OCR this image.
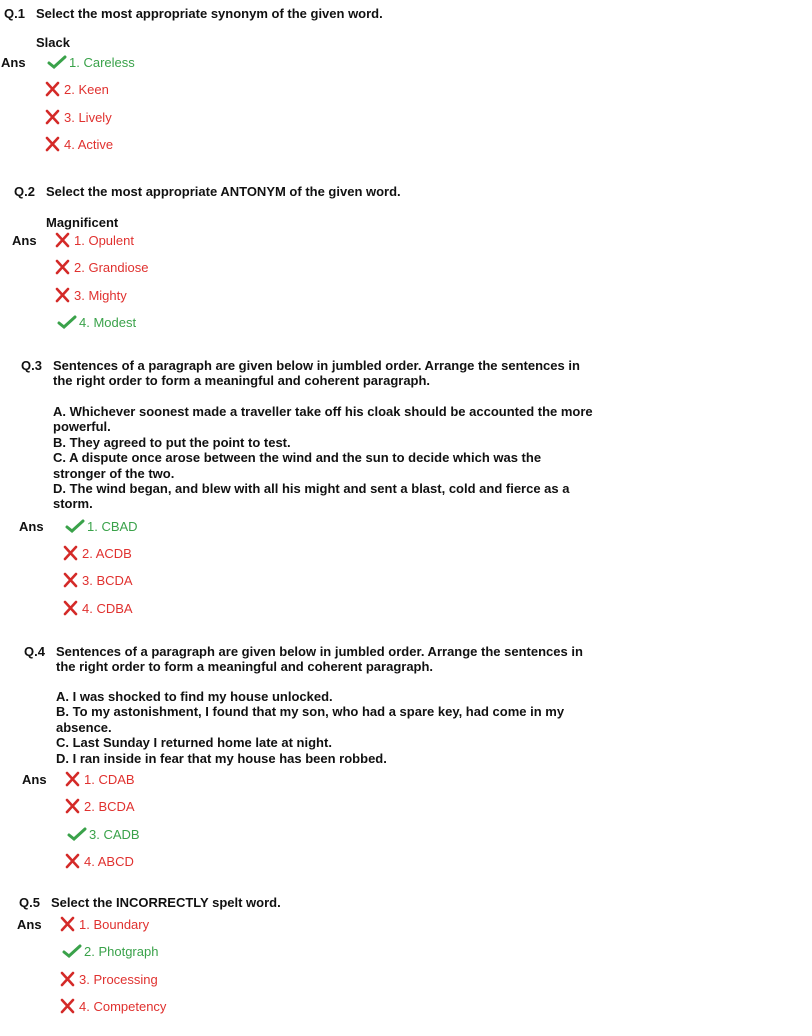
Q.1 Select the most appropriate synonym of the given word.
Slack
Ans	1. Careless
2. Keen
3. Lively
4. Active
Q.2 Select the most appropriate ANTONYM of the given word.
Magnificent
Ans	1. Opulent
2. Grandiose
3. Mighty
4. Modest
Q.3 Sentences of a paragraph are given below in jumbled order. Arrange the sentences in the right order to form a meaningful and coherent paragraph.
A. Whichever soonest made a traveller take off his cloak should be accounted the more powerful.
B. They agreed to put the point to test.
C. A dispute once arose between the wind and the sun to decide which was the stronger of the two.
D. The wind began, and blew with all his might and sent a blast, cold and fierce as a storm.
Ans	1. CBAD
2. ACDB
3. BCDA
4. CDBA
Q.4 Sentences of a paragraph are given below in jumbled order. Arrange the sentences in the right order to form a meaningful and coherent paragraph.
A. I was shocked to find my house unlocked.
B. To my astonishment, I found that my son, who had a spare key, had come in my absence.
C. Last Sunday I returned home late at night.
D. I ran inside in fear that my house has been robbed.
Ans	1. CDAB
2. BCDA
3. CADB
4. ABCD
Q.5 Select the INCORRECTLY spelt word.
Ans	1. Boundary
2. Photgraph
3. Processing
4. Competency
